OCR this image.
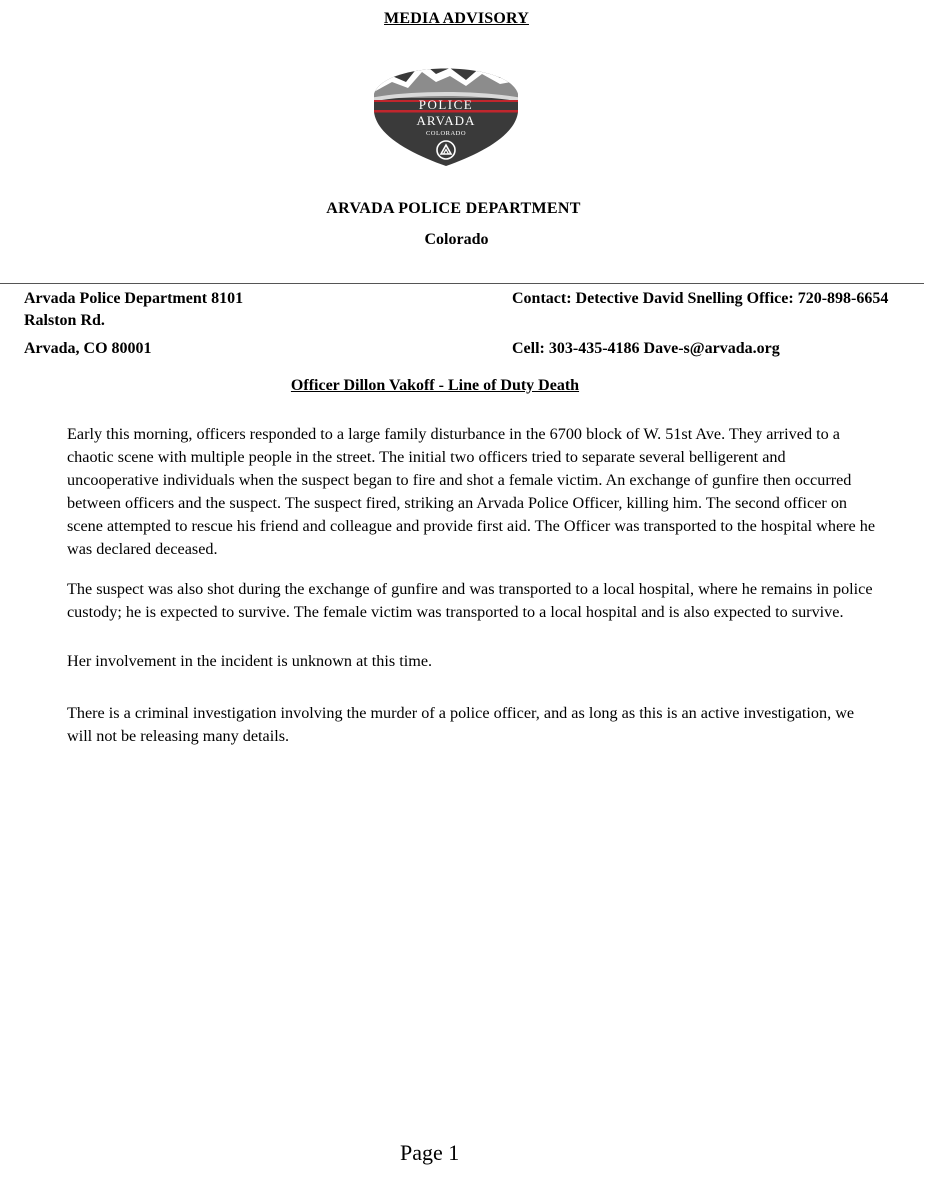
MEDIA ADVISORY
POLICE
ARVADA
COLORADO
ARVADA POLICE DEPARTMENT
Colorado
Arvada Police Department 8101 Ralston Rd.
Arvada, CO 80001
Contact: Detective David Snelling Office: 720-898-6654
Cell: 303-435-4186 Dave-s@arvada.org
Officer Dillon Vakoff - Line of Duty Death

Early this morning, officers responded to a large family disturbance in the 6700 block of W. 51st Ave. They arrived to a chaotic scene with multiple people in the street. The initial two officers tried to separate several belligerent and uncooperative individuals when the suspect began to fire and shot a female victim. An exchange of gunfire then occurred between officers and the suspect. The suspect fired, striking an Arvada Police Officer, killing him. The second officer on scene attempted to rescue his friend and colleague and provide first aid. The Officer was transported to the hospital where he was declared deceased.

The suspect was also shot during the exchange of gunfire and was transported to a local hospital, where he remains in police custody; he is expected to survive. The female victim was transported to a local hospital and is also expected to survive.

Her involvement in the incident is unknown at this time.

There is a criminal investigation involving the murder of a police officer, and as long as this is an active investigation, we will not be releasing many details.

Page 1
